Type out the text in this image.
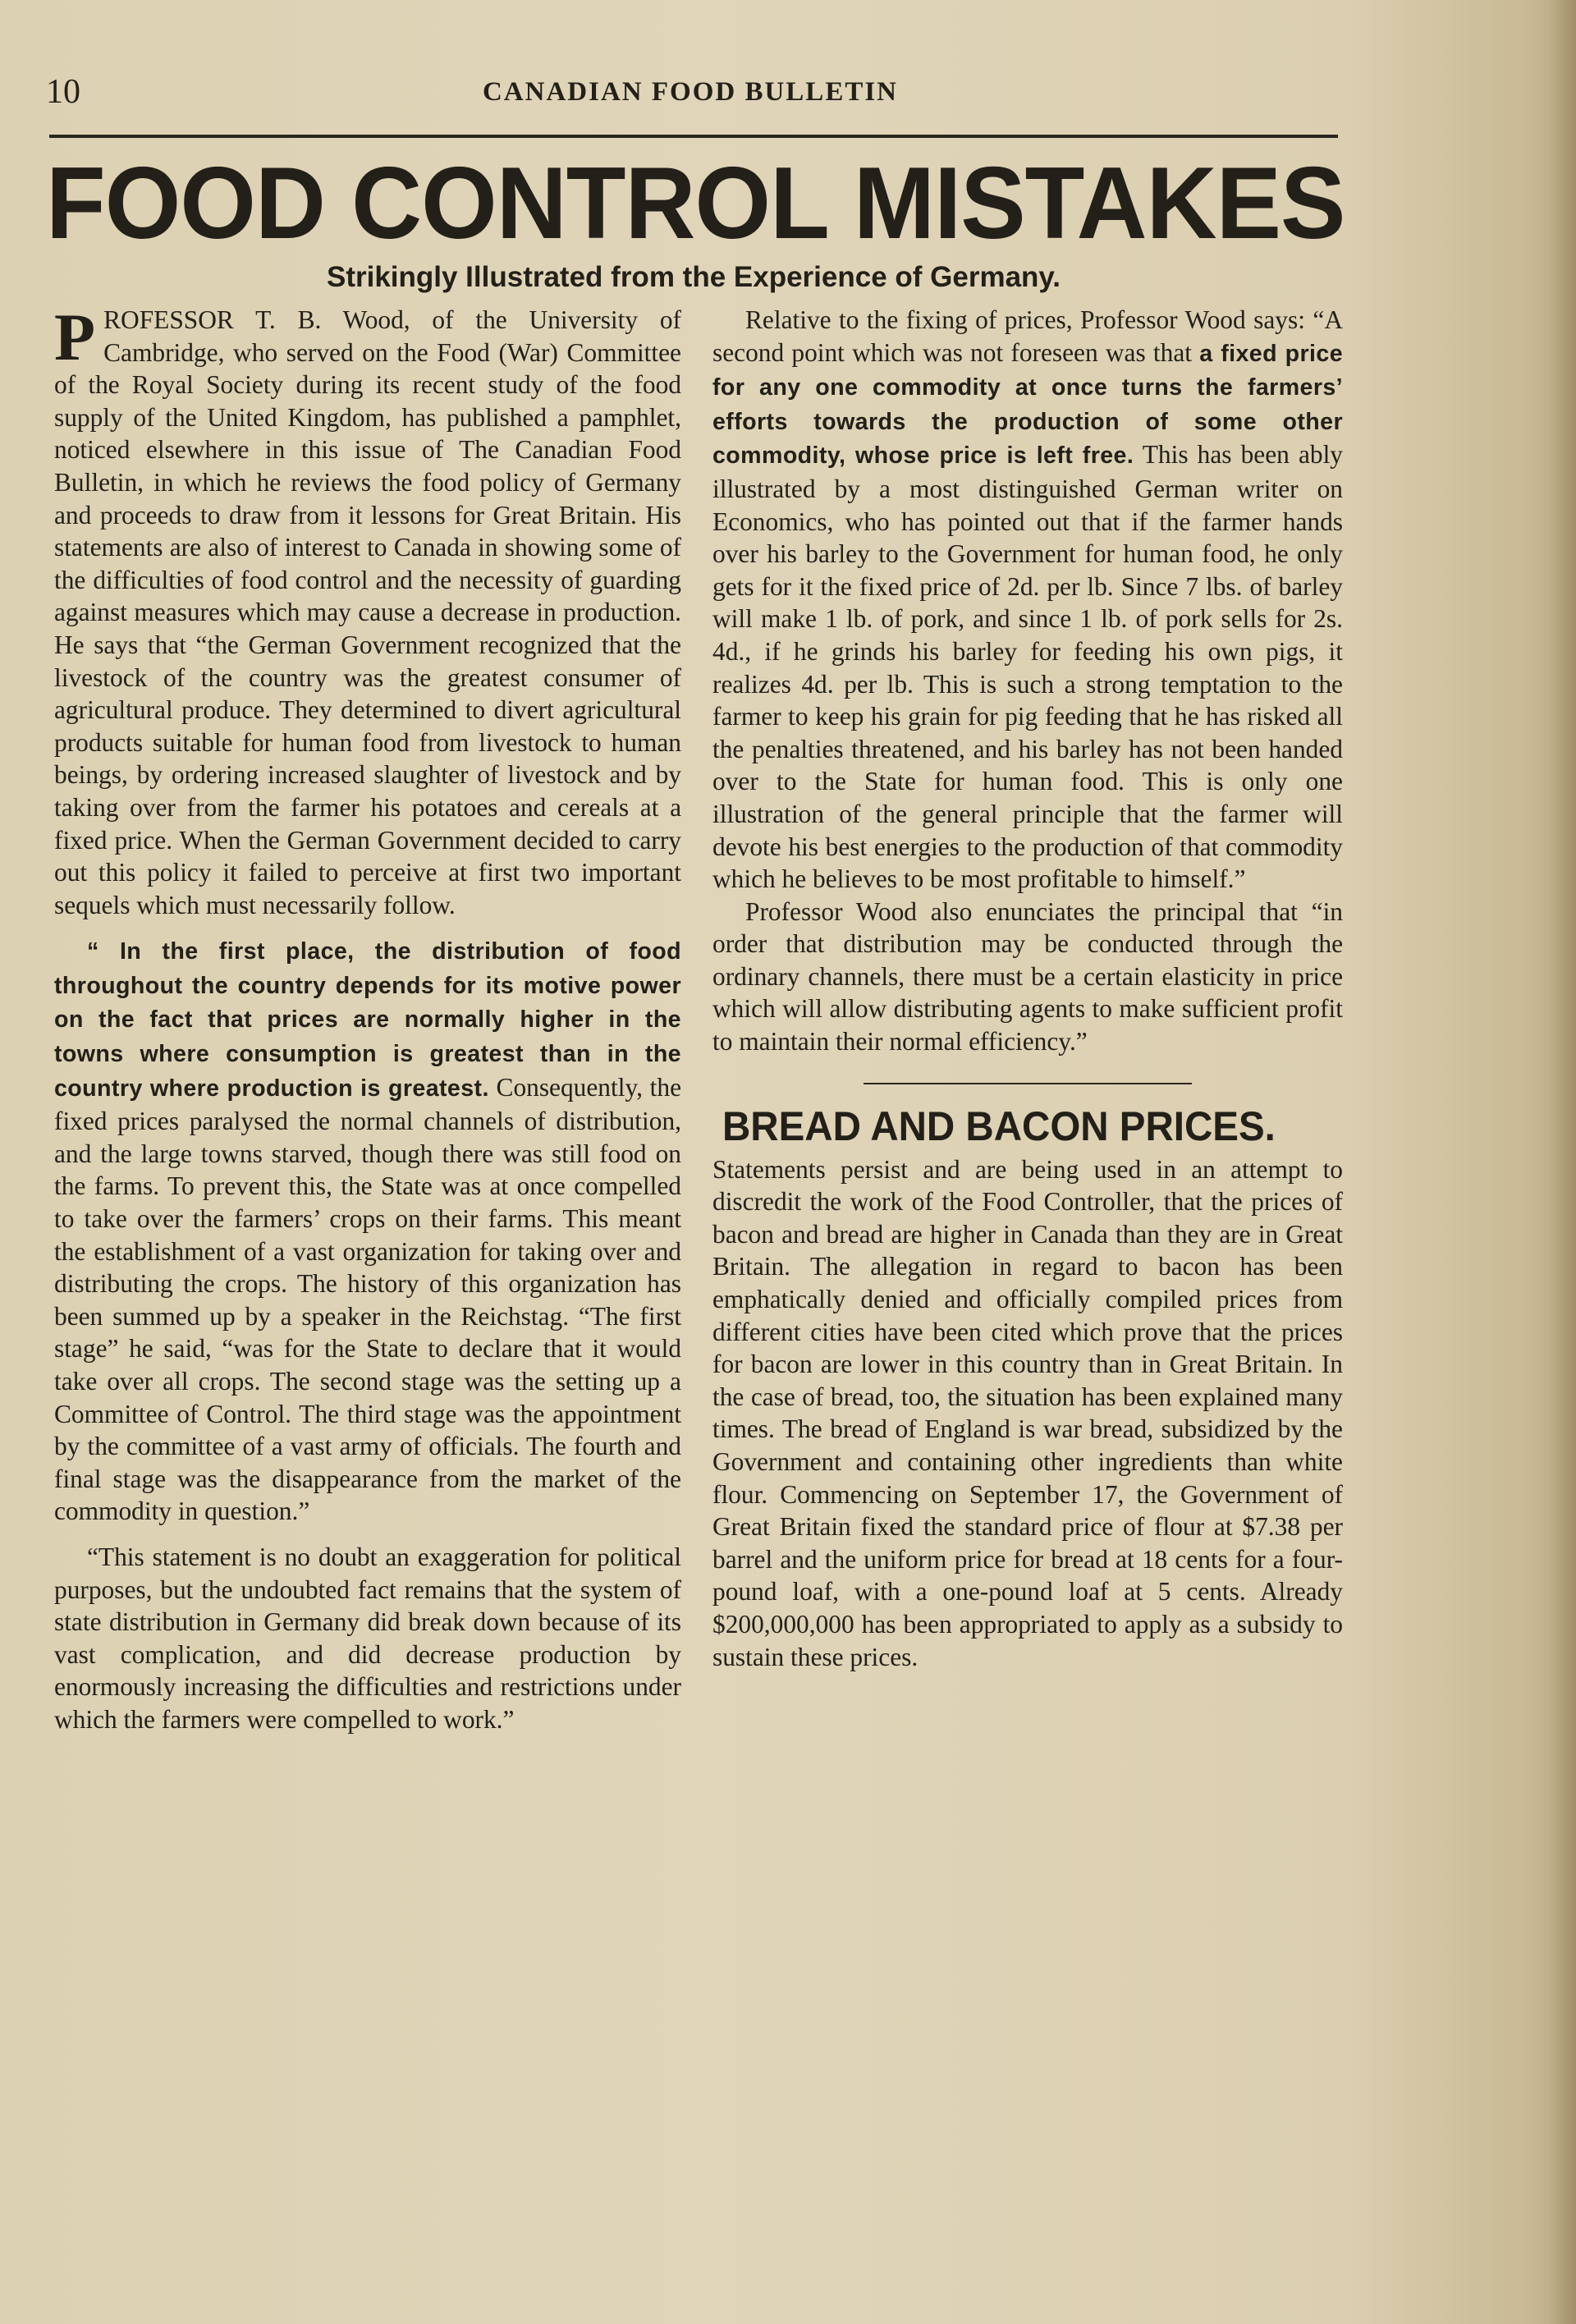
10	CANADIAN FOOD BULLETIN
FOOD CONTROL MISTAKES
Strikingly Illustrated from the Experience of Germany.

PROFESSOR T. B. Wood, of the University of Cambridge, who served on the Food (War) Committee of the Royal Society during its recent study of the food supply of the United Kingdom, has published a pamphlet, noticed elsewhere in this issue of The Canadian Food Bulletin, in which he reviews the food policy of Germany and proceeds to draw from it lessons for Great Britain. His statements are also of interest to Canada in showing some of the difficulties of food control and the necessity of guarding against measures which may cause a decrease in production. He says that “the German Government recognized that the livestock of the country was the greatest consumer of agricultural produce. They determined to divert agricultural products suitable for human food from livestock to human beings, by ordering increased slaughter of livestock and by taking over from the farmer his potatoes and cereals at a fixed price. When the German Government decided to carry out this policy it failed to perceive at first two important sequels which must necessarily follow.

“ In the first place, the distribution of food throughout the country depends for its motive power on the fact that prices are normally higher in the towns where consumption is greatest than in the country where production is greatest. Consequently, the fixed prices paralysed the normal channels of distribution, and the large towns starved, though there was still food on the farms. To prevent this, the State was at once compelled to take over the farmers’ crops on their farms. This meant the establishment of a vast organization for taking over and distributing the crops. The history of this organization has been summed up by a speaker in the Reichstag. “The first stage” he said, “was for the State to declare that it would take over all crops. The second stage was the setting up a Committee of Control. The third stage was the appointment by the committee of a vast army of officials. The fourth and final stage was the disappearance from the market of the commodity in question.”

“This statement is no doubt an exaggeration for political purposes, but the undoubted fact remains that the system of state distribution in Germany did break down because of its vast complication, and did decrease production by enormously increasing the difficulties and restrictions under which the farmers were compelled to work.”

Relative to the fixing of prices, Professor Wood says: “A second point which was not foreseen was that a fixed price for any one commodity at once turns the farmers’ efforts towards the production of some other commodity, whose price is left free. This has been ably illustrated by a most distinguished German writer on Economics, who has pointed out that if the farmer hands over his barley to the Government for human food, he only gets for it the fixed price of 2d. per lb. Since 7 lbs. of barley will make 1 lb. of pork, and since 1 lb. of pork sells for 2s. 4d., if he grinds his barley for feeding his own pigs, it realizes 4d. per lb. This is such a strong temptation to the farmer to keep his grain for pig feeding that he has risked all the penalties threatened, and his barley has not been handed over to the State for human food. This is only one illustration of the general principle that the farmer will devote his best energies to the production of that commodity which he believes to be most profitable to himself.”

Professor Wood also enunciates the principal that “in order that distribution may be conducted through the ordinary channels, there must be a certain elasticity in price which will allow distributing agents to make sufficient profit to maintain their normal efficiency.”

BREAD AND BACON PRICES.

Statements persist and are being used in an attempt to discredit the work of the Food Controller, that the prices of bacon and bread are higher in Canada than they are in Great Britain. The allegation in regard to bacon has been emphatically denied and officially compiled prices from different cities have been cited which prove that the prices for bacon are lower in this country than in Great Britain. In the case of bread, too, the situation has been explained many times. The bread of England is war bread, subsidized by the Government and containing other ingredients than white flour. Commencing on September 17, the Government of Great Britain fixed the standard price of flour at $7.38 per barrel and the uniform price for bread at 18 cents for a four-pound loaf, with a one-pound loaf at 5 cents. Already $200,000,000 has been appropriated to apply as a subsidy to sustain these prices.
